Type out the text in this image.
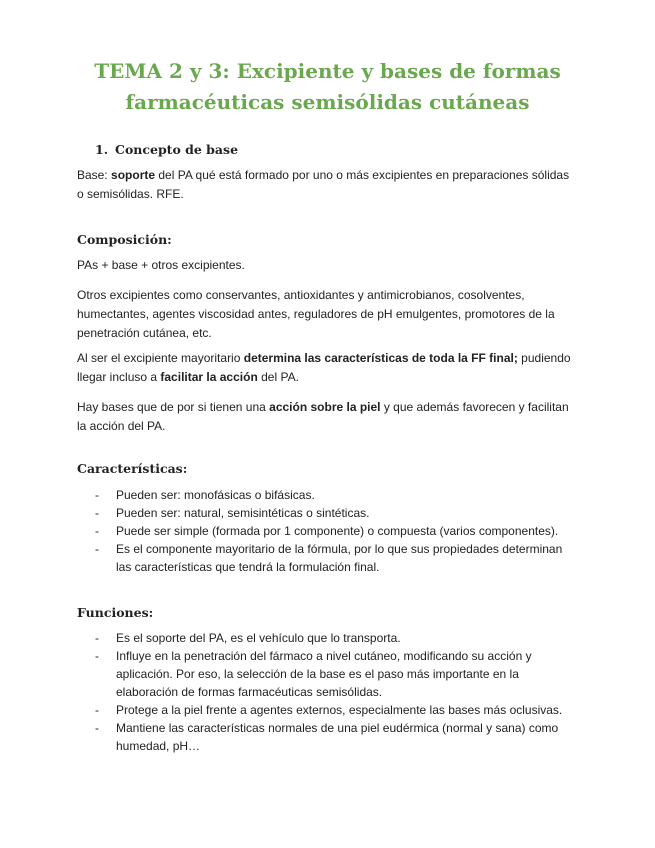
TEMA 2 y 3: Excipiente y bases de formas
farmacéuticas semisólidas cutáneas
1. Concepto de base

Base: soporte del PA qué está formado por uno o más excipientes en preparaciones sólidas o semisólidas. RFE.

Composición:

PAs + base + otros excipientes.

Otros excipientes como conservantes, antioxidantes y antimicrobianos, cosolventes, humectantes, agentes viscosidad antes, reguladores de pH emulgentes, promotores de la penetración cutánea, etc.

Al ser el excipiente mayoritario determina las características de toda la FF final; pudiendo llegar incluso a facilitar la acción del PA.

Hay bases que de por si tienen una acción sobre la piel y que además favorecen y facilitan la acción del PA.

Características:
- Pueden ser: monofásicas o bifásicas.
- Pueden ser: natural, semisintéticas o sintéticas.
- Puede ser simple (formada por 1 componente) o compuesta (varios componentes).
- Es el componente mayoritario de la fórmula, por lo que sus propiedades determinan las características que tendrá la formulación final.
Funciones:
- Es el soporte del PA, es el vehículo que lo transporta.
- Influye en la penetración del fármaco a nivel cutáneo, modificando su acción y aplicación. Por eso, la selección de la base es el paso más importante en la elaboración de formas farmacéuticas semisólidas.
- Protege a la piel frente a agentes externos, especialmente las bases más oclusivas.
- Mantiene las características normales de una piel eudérmica (normal y sana) como humedad, pH…
